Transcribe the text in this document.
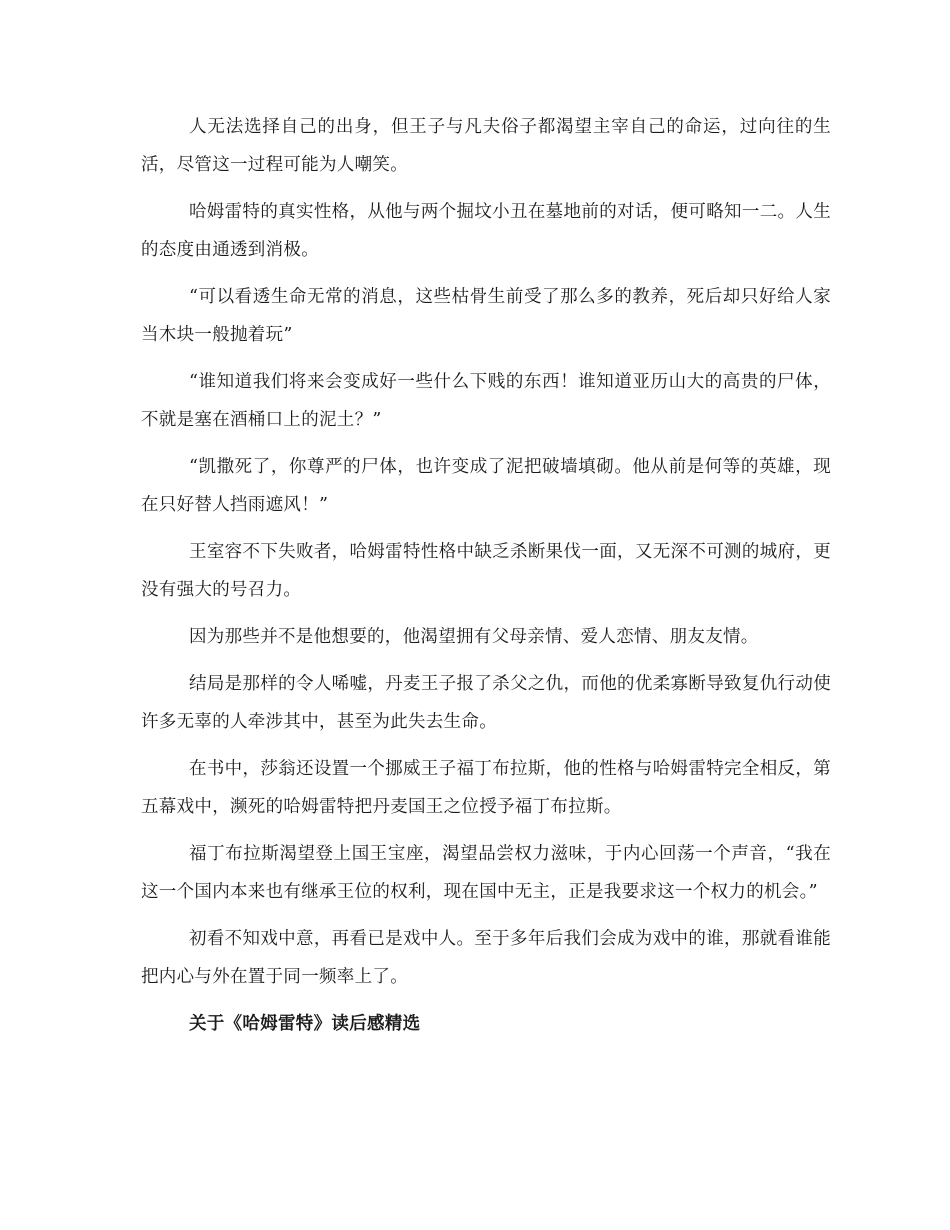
人无法选择自己的出身，但王子与凡夫俗子都渴望主宰自己的命运，过向往的生活，尽管这一过程可能为人嘲笑。

哈姆雷特的真实性格，从他与两个掘坟小丑在墓地前的对话，便可略知一二。人生的态度由通透到消极。

“可以看透生命无常的消息，这些枯骨生前受了那么多的教养，死后却只好给人家当木块一般抛着玩”

“谁知道我们将来会变成好一些什么下贱的东西！谁知道亚历山大的高贵的尸体，不就是塞在酒桶口上的泥土？”

“凯撒死了，你尊严的尸体，也许变成了泥把破墙填砌。他从前是何等的英雄，现在只好替人挡雨遮风！”

王室容不下失败者，哈姆雷特性格中缺乏杀断果伐一面，又无深不可测的城府，更没有强大的号召力。

因为那些并不是他想要的，他渴望拥有父母亲情、爱人恋情、朋友友情。

结局是那样的令人唏嘘，丹麦王子报了杀父之仇，而他的优柔寡断导致复仇行动使许多无辜的人牵涉其中，甚至为此失去生命。

在书中，莎翁还设置一个挪威王子福丁布拉斯，他的性格与哈姆雷特完全相反，第五幕戏中，濒死的哈姆雷特把丹麦国王之位授予福丁布拉斯。

福丁布拉斯渴望登上国王宝座，渴望品尝权力滋味，于内心回荡一个声音，“我在这一个国内本来也有继承王位的权利，现在国中无主，正是我要求这一个权力的机会。”

初看不知戏中意，再看已是戏中人。至于多年后我们会成为戏中的谁，那就看谁能把内心与外在置于同一频率上了。

关于《哈姆雷特》读后感精选
